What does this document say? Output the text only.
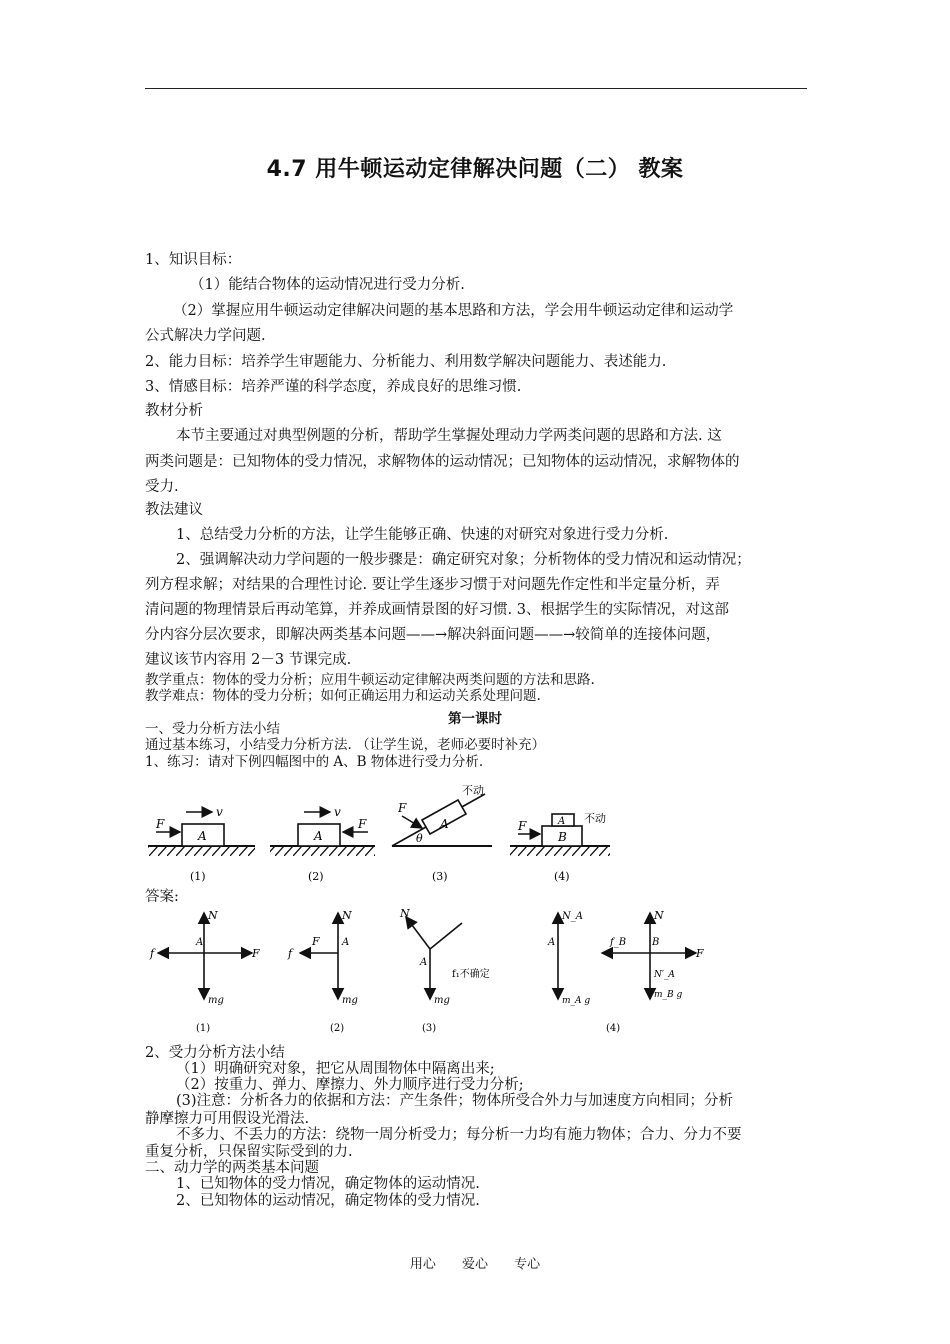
4.7 用牛顿运动定律解决问题（二） 教案
1、知识目标：
（1）能结合物体的运动情况进行受力分析.
（2）掌握应用牛顿运动定律解决问题的基本思路和方法，学会用牛顿运动定律和运动学
公式解决力学问题.
2、能力目标：培养学生审题能力、分析能力、利用数学解决问题能力、表述能力.
3、情感目标：培养严谨的科学态度，养成良好的思维习惯.
教材分析
本节主要通过对典型例题的分析，帮助学生掌握处理动力学两类问题的思路和方法. 这
两类问题是：已知物体的受力情况，求解物体的运动情况；已知物体的运动情况，求解物体的
受力.
教法建议
1、总结受力分析的方法，让学生能够正确、快速的对研究对象进行受力分析.
2、强调解决动力学问题的一般步骤是：确定研究对象；分析物体的受力情况和运动情况；
列方程求解；对结果的合理性讨论. 要让学生逐步习惯于对问题先作定性和半定量分析，弄
清问题的物理情景后再动笔算，并养成画情景图的好习惯. 3、根据学生的实际情况，对这部
分内容分层次要求，即解决两类基本问题——→解决斜面问题——→较简单的连接体问题，
建议该节内容用 2－3 节课完成.
教学重点：物体的受力分析；应用牛顿运动定律解决两类问题的方法和思路.
教学难点：物体的受力分析；如何正确运用力和运动关系处理问题.
第一课时
一、受力分析方法小结
通过基本练习，小结受力分析方法. （让学生说，老师必要时补充）
1、练习：请对下例四幅图中的 A、B 物体进行受力分析.
A
F
v
(1)
A
F
v
(2)
A
F
θ
不动
(3)
A
B
F
不动
(4)
答案:
N
f	F
A
mg
(1)
N
f
F A
mg
(2)
N
A
mg
f₁不确定
(3)
N_A
A
m_A g
N
f_B
F
B
N′_A
m_B g
(4)
2、受力分析方法小结
（1）明确研究对象，把它从周围物体中隔离出来;
（2）按重力、弹力、摩擦力、外力顺序进行受力分析;
(3)注意：分析各力的依据和方法：产生条件；物体所受合外力与加速度方向相同；分析
静摩擦力可用假设光滑法.
不多力、不丢力的方法：绕物一周分析受力；每分析一力均有施力物体；合力、分力不要
重复分析，只保留实际受到的力.
二、动力学的两类基本问题
1、已知物体的受力情况，确定物体的运动情况.
2、已知物体的运动情况，确定物体的受力情况.
用心 爱心 专心
